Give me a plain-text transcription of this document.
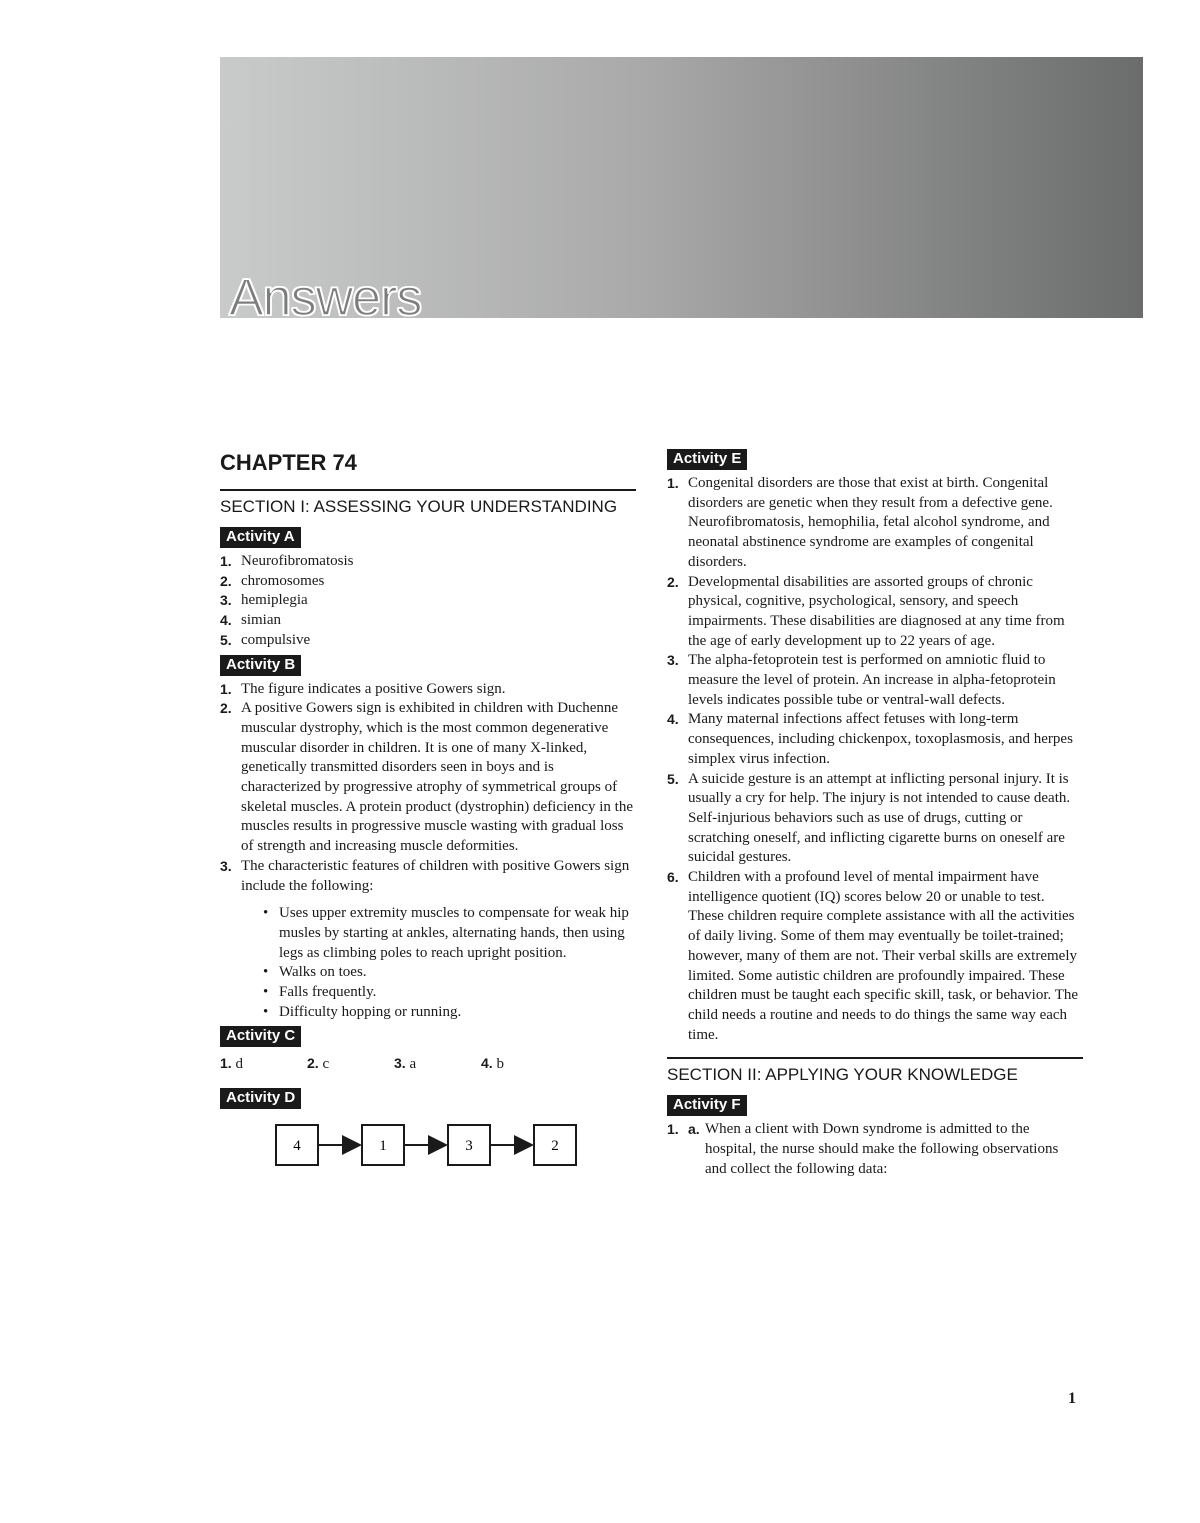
Answers
CHAPTER 74
SECTION I: ASSESSING YOUR UNDERSTANDING
Activity A
1. Neurofibromatosis
2. chromosomes
3. hemiplegia
4. simian
5. compulsive
Activity B
1. The figure indicates a positive Gowers sign.
2. A positive Gowers sign is exhibited in children with Duchenne muscular dystrophy, which is the most common degenerative muscular disorder in children. It is one of many X-linked, genetically transmitted disorders seen in boys and is characterized by progressive atrophy of symmetrical groups of skeletal muscles. A protein product (dystrophin) deficiency in the muscles results in progressive muscle wasting with gradual loss of strength and increasing muscle deformities.
3. The characteristic features of children with positive Gowers sign include the following:
• Uses upper extremity muscles to compensate for weak hip musles by starting at ankles, alternating hands, then using legs as climbing poles to reach upright position.
• Walks on toes.
• Falls frequently.
• Difficulty hopping or running.
Activity C
1. d	2. c	3. a	4. b
Activity D
4	1	3	2
Activity E
1. Congenital disorders are those that exist at birth. Congenital disorders are genetic when they result from a defective gene. Neurofibromatosis, hemophilia, fetal alcohol syndrome, and neonatal abstinence syndrome are examples of congenital disorders.
2. Developmental disabilities are assorted groups of chronic physical, cognitive, psychological, sensory, and speech impairments. These disabilities are diagnosed at any time from the age of early development up to 22 years of age.
3. The alpha-fetoprotein test is performed on amniotic fluid to measure the level of protein. An increase in alpha-fetoprotein levels indicates possible tube or ventral-wall defects.
4. Many maternal infections affect fetuses with long-term consequences, including chickenpox, toxoplasmosis, and herpes simplex virus infection.
5. A suicide gesture is an attempt at inflicting personal injury. It is usually a cry for help. The injury is not intended to cause death. Self-injurious behaviors such as use of drugs, cutting or scratching oneself, and inflicting cigarette burns on oneself are suicidal gestures.
6. Children with a profound level of mental impairment have intelligence quotient (IQ) scores below 20 or unable to test. These children require complete assistance with all the activities of daily living. Some of them may eventually be toilet-trained; however, many of them are not. Their verbal skills are extremely limited. Some autistic children are profoundly impaired. These children must be taught each specific skill, task, or behavior. The child needs a routine and needs to do things the same way each time.
SECTION II: APPLYING YOUR KNOWLEDGE
Activity F
1. a. When a client with Down syndrome is admitted to the hospital, the nurse should make the following observations and collect the following data:
1
